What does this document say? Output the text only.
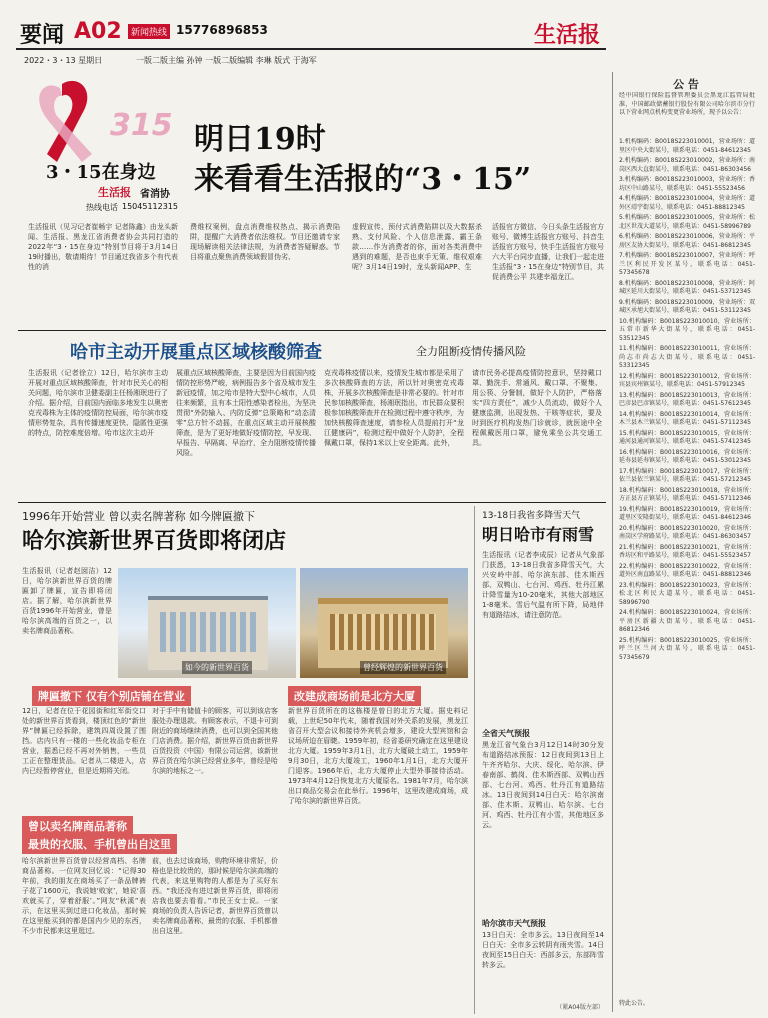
要闻 A02	新闻热线 15776896853	生活报
2022・3・13 星期日	一版二版主编 孙钟 一版二版编辑 李琳 版式 于海军
315
3・15在身边
生活报 省消协
热线电话 15045112315
明日19时
来看看生活报的“3・15”
生活报讯（见习记者崔畅宇 记者陈鑫）由龙头新闻、生活报、黑龙江省消费者协会共同打造的2022年“3・15在身边”特别节目将于3月14日19时播出，敬请期待！节目通过我省多个有代表性的消
费维权案例，盘点消费维权热点、揭示消费陷阱，提醒广大消费者依法维权。节目还邀请专家现场解读相关法律法规，为消费者答疑解惑。节目将重点聚焦消费领域假冒伪劣、
虚假宣传、预付式消费陷阱以及大数据杀熟、支付风险、个人信息泄露、霸王条款……作为消费者的你，面对各类消费中遇到的难题，是否也束手无策、维权艰难呢？3月14日19时，龙头新闻APP、生
活报官方微信、今日头条生活报官方账号、微博生活报官方账号、抖音生活报官方账号、快手生活报官方账号六大平台同步直播，让我们一起走进生活报“3・15在身边”特别节目，共促消费公平 共建幸福龙江。
哈市主动开展重点区域核酸筛查	全力阻断疫情传播风险
生活报讯（记者徐立）12日，哈尔滨市主动开展对重点区域核酸筛查，针对市民关心的相关问题，哈尔滨市卫健委副主任杨湘珉进行了介绍。据介绍，目前国内面临多地发生以奥密克戎毒株为主体的疫情防控局面，哈尔滨市疫情形势复杂，具有传播速度更快、隐匿性更强的特点，防控难度倍增。哈市这次主动开
展重点区域核酸筛查，主要是因为目前国内疫情防控形势严峻，病例报告多个省及城市发生新冠疫情，加之哈市是特大型中心城市，人员往来频繁，且有本土阳性感染者检出，为坚决贯彻“外防输入、内防反弹”总策略和“动态清零”总方针不动摇，在重点区域主动开展核酸筛查，是为了更好地做好疫情防控，早发现、早报告、早隔离、早治疗，全力阻断疫情传播风险。
克戎毒株疫情以来，疫情发生城市都是采用了多次核酸筛查的方法，所以针对奥密克戎毒株，开展多次核酸筛查是非常必要的。针对市民参加核酸筛查，杨湘珉指出，市民群众要积极参加核酸筛查并在检测过程中遵守秩序，为加快核酸筛查速度，请参检人员提前打开“龙江健康码”，检测过程中做好个人防护，全程佩戴口罩，保持1米以上安全距离。此外，
请市民务必提高疫情防控意识，坚持戴口罩、勤洗手、常通风、戴口罩、不聚集、用公筷、分餐制，做好个人防护，严格落实“四方责任”，减少人员流动，做好个人健康监测，出现发热、干咳等症状，要及时到医疗机构发热门诊就诊，就医途中全程佩戴医用口罩，避免乘坐公共交通工具。
1996年开始营业 曾以卖名牌著称 如今牌匾撤下
哈尔滨新世界百货即将闭店
生活报讯（记者赵囡洁）12日，哈尔滨新世界百货的牌匾卸了牌匾，宣告即将闭店。据了解，哈尔滨新世界百货1996年开始营业，曾是哈尔滨高端的百货之一，以卖名牌商品著称。
如今的新世界百货	曾经辉煌的新世界百货
牌匾撤下 仅有个别店铺在营业
12日，记者在位于花园街和红军街交口处的新世界百货看到，楼顶红色的“新世界”牌匾已经拆除，建筑四周设置了围挡。店内只有一楼的一些化妆品专柜在营业，据悉已经不再对外销售，一些员工正在整理货品。记者从二楼进入，店内已经暂停营业，但是近期将关闭。
对于手中有储值卡的顾客，可以到该店客服处办理退款。有顾客表示，不退卡可到附近的商场继续消费，也可以到全国其他门店消费。据介绍，新世界百货由新世界百货投资（中国）有限公司运营，该新世界百货在哈尔滨已经营业多年，曾经是哈尔滨的地标之一。
曾以卖名牌商品著称
最贵的衣服、手机曾出自这里
哈尔滨新世界百货曾以经营高档、名牌商品著称。一位网友回忆说：“记得30年前，我的朋友在商场买了一条品牌裤子花了1600元，我说她‘败家’，她说‘喜欢就买了，穿着舒服’。”网友“秋溪”表示，在这里买到过进口化妆品，那时候在这里能买到的都是国内少见的东西，不少市民都来这里逛过。
前，也去过该商场，购物环境非常好，价格也是比较贵的，那时候是哈尔滨高端的代表，来这里购物的人都是为了买好东西。“我还没有进过新世界百货，即将闭店我也要去看看。”市民王女士说。一家商场的负责人告诉记者，新世界百货曾以卖名牌商品著称，最贵的衣服、手机都曾出自这里。
改建成商场前是北方大厦
新世界百货所在的这栋楼是曾日的北方大厦。据史料记载，上世纪50年代末，随着我国对外关系的发展，黑龙江省召开大型会议和接待外宾机会增多，建设大型宾馆和会议场所迫在眉睫。1959年初，经省委研究确定在这里建设北方大厦。1959年3月1日，北方大厦破土动工，1959年9月30日，北方大厦竣工，1960年1月1日，北方大厦开门迎客。1966年后，北方大厦停止大型外事接待活动。1973年4月12日恢复北方大厦原名。1981年7月，哈尔滨出口商品交易会在此举行。1996年，这里改建成商场，成了哈尔滨的新世界百货。
13-18日我省多降雪天气
明日哈市有雨雪
生活报讯（记者李成辰）记者从气象部门获悉，13-18日我省多降雪天气，大兴安岭中部、哈尔滨东部、佳木斯西部、双鸭山、七台河、鸡西、牡丹江累计降雪量为10-20毫米，其他大部地区1-8毫米。雪后气温有所下降，局地伴有道路结冰，请注意防范。
全省天气预报
黑龙江省气象台3月12日14时30分发布道路结冰预报：12日夜间到13日上午齐齐哈尔、大庆、绥化、哈尔滨、伊春南部、鹤岗、佳木斯西部、双鸭山西部、七台河、鸡西、牡丹江有道路结冰。13日夜间到14日白天：哈尔滨南部、佳木斯、双鸭山、哈尔滨、七台河、鸡西、牡丹江有小雪，其他地区多云。
哈尔滨市天气预报
13日白天：全市多云。13日夜间至14日白天：全市多云转阴有雨夹雪。14日夜间至15日白天：西部多云，东部阵雪转多云。
（紧A04版左部）
公 告
经中国银行保险监督管理委员会黑龙江监管局批准，中国邮政储蓄银行股份有限公司哈尔滨市分行以下营业网点机构变更营业场所，现予以公告：
1.机构编码：B0018S223010001，营业场所：道里区中央大街某号，联系电话：0451-84612345
2.机构编码：B0018S223010002，营业场所：南岗区西大直街某号，联系电话：0451-86303456
3.机构编码：B0018S223010003，营业场所：香坊区中山路某号，联系电话：0451-55523456
4.机构编码：B0018S223010004，营业场所：道外区靖宇街某号，联系电话：0451-88812345
5.机构编码：B0018S223010005，营业场所：松北区世茂大道某号，联系电话：0451-58996789
6.机构编码：B0018S223010006，营业场所：平房区友协大街某号，联系电话：0451-86812345
7.机构编码：B0018S223010007，营业场所：呼兰区利民开发区某号，联系电话：0451-57345678
8.机构编码：B0018S223010008，营业场所：阿城区延川大街某号，联系电话：0451-53712345
9.机构编码：B0018S223010009，营业场所：双城区承旭大街某号，联系电话：0451-53112345
10.机构编码：B0018S223010010，营业场所：五常市新华大街某号，联系电话：0451-53512345
11.机构编码：B0018S223010011，营业场所：尚志市尚志大街某号，联系电话：0451-53312345
12.机构编码：B0018S223010012，营业场所：宾县宾州镇某号，联系电话：0451-57912345
13.机构编码：B0018S223010013，营业场所：巴彦县巴彦镇某号，联系电话：0451-57612345
14.机构编码：B0018S223010014，营业场所：木兰县木兰镇某号，联系电话：0451-57112345
15.机构编码：B0018S223010015，营业场所：通河县通河镇某号，联系电话：0451-57412345
16.机构编码：B0018S223010016，营业场所：延寿县延寿镇某号，联系电话：0451-53012345
17.机构编码：B0018S223010017，营业场所：依兰县依兰镇某号，联系电话：0451-57212345
18.机构编码：B0018S223010018，营业场所：方正县方正镇某号，联系电话：0451-57112346
19.机构编码：B0018S223010019，营业场所：道里区安隆街某号，联系电话：0451-84612346
20.机构编码：B0018S223010020，营业场所：南岗区学府路某号，联系电话：0451-86303457
21.机构编码：B0018S223010021，营业场所：香坊区和平路某号，联系电话：0451-55523457
22.机构编码：B0018S223010022，营业场所：道外区南直路某号，联系电话：0451-88812346
23.机构编码：B0018S223010023，营业场所：松北区利民大道某号，联系电话：0451-58996790
24.机构编码：B0018S223010024，营业场所：平房区新疆大街某号，联系电话：0451-86812346
25.机构编码：B0018S223010025，营业场所：呼兰区兰河大街某号，联系电话：0451-57345679
特此公告。
